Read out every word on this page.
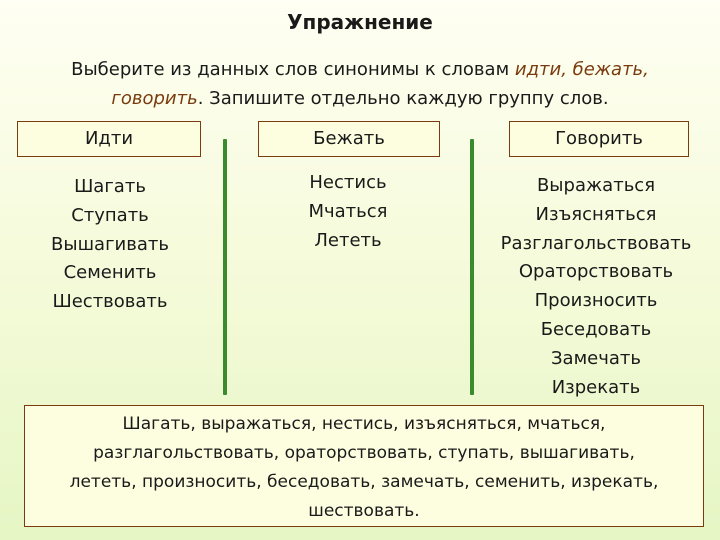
Упражнение
Выберите из данных слов синонимы к словам идти, бежать,
говорить. Запишите отдельно каждую группу слов.
Идти	Бежать	Говорить
Шагать
Ступать
Вышагивать
Семенить
Шествовать
Нестись
Мчаться
Лететь
Выражаться
Изъясняться
Разглагольствовать
Ораторствовать
Произносить
Беседовать
Замечать
Изрекать
Шагать, выражаться, нестись, изъясняться, мчаться,
разглагольствовать, ораторствовать, ступать, вышагивать,
лететь, произносить, беседовать, замечать, семенить, изрекать,
шествовать.
